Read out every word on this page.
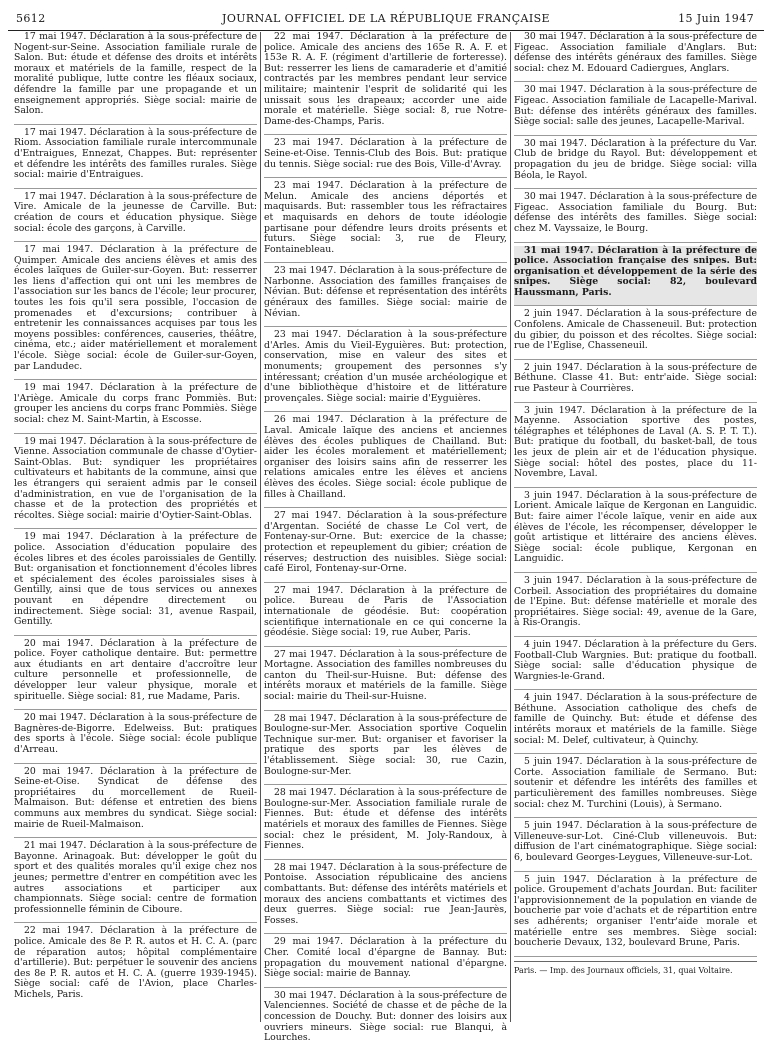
5612	JOURNAL OFFICIEL DE LA RÉPUBLIQUE FRANÇAISE	15 Juin 1947

17 mai 1947. Déclaration à la sous-préfecture de Nogent-sur-Seine. Association familiale rurale de Salon. But: étude et défense des droits et intérêts moraux et matériels de la famille, respect de la moralité publique, lutte contre les fléaux sociaux, défendre la famille par une propagande et un enseignement appropriés. Siège social: mairie de Salon.

17 mai 1947. Déclaration à la sous-préfecture de Riom. Association familiale rurale intercommunale d'Entraigues, Ennezat, Chappes. But: représenter et défendre les intérêts des familles rurales. Siège social: mairie d'Entraigues.

17 mai 1947. Déclaration à la sous-préfecture de Vire. Amicale de la jeunesse de Carville. But: création de cours et éducation physique. Siège social: école des garçons, à Carville.

17 mai 1947. Déclaration à la préfecture de Quimper. Amicale des anciens élèves et amis des écoles laïques de Guiler-sur-Goyen. But: resserrer les liens d'affection qui ont uni les membres de l'association sur les bancs de l'école; leur procurer, toutes les fois qu'il sera possible, l'occasion de promenades et d'excursions; contribuer à entretenir les connaissances acquises par tous les moyens possibles: conférences, causeries, théâtre, cinéma, etc.; aider matériellement et moralement l'école. Siège social: école de Guiler-sur-Goyen, par Landudec.

19 mai 1947. Déclaration à la préfecture de l'Ariège. Amicale du corps franc Pommiès. But: grouper les anciens du corps franc Pommiès. Siège social: chez M. Saint-Martin, à Escosse.

19 mai 1947. Déclaration à la sous-préfecture de Vienne. Association communale de chasse d'Oytier-Saint-Oblas. But: syndiquer les propriétaires cultivateurs et habitants de la commune, ainsi que les étrangers qui seraient admis par le conseil d'administration, en vue de l'organisation de la chasse et de la protection des propriétés et récoltes. Siège social: mairie d'Oytier-Saint-Oblas.

19 mai 1947. Déclaration à la préfecture de police. Association d'éducation populaire des écoles libres et des écoles paroissiales de Gentilly. But: organisation et fonctionnement d'écoles libres et spécialement des écoles paroissiales sises à Gentilly, ainsi que de tous services ou annexes pouvant en dépendre directement ou indirectement. Siège social: 31, avenue Raspail, Gentilly.

20 mai 1947. Déclaration à la préfecture de police. Foyer catholique dentaire. But: permettre aux étudiants en art dentaire d'accroître leur culture personnelle et professionnelle, de développer leur valeur physique, morale et spirituelle. Siège social: 81, rue Madame, Paris.

20 mai 1947. Déclaration à la sous-préfecture de Bagnères-de-Bigorre. Edelweiss. But: pratiques des sports à l'école. Siège social: école publique d'Arreau.

20 mai 1947. Déclaration à la préfecture de Seine-et-Oise. Syndicat de défense des propriétaires du morcellement de Rueil-Malmaison. But: défense et entretien des biens communs aux membres du syndicat. Siège social: mairie de Rueil-Malmaison.

21 mai 1947. Déclaration à la sous-préfecture de Bayonne. Arinagoak. But: développer le goût du sport et des qualités morales qu'il exige chez nos jeunes; permettre d'entrer en compétition avec les autres associations et participer aux championnats. Siège social: centre de formation professionnelle féminin de Ciboure.

22 mai 1947. Déclaration à la préfecture de police. Amicale des 8e P. R. autos et H. C. A. (parc de réparation autos; hôpital complémentaire d'artillerie). But: perpétuer le souvenir des anciens des 8e P. R. autos et H. C. A. (guerre 1939-1945). Siège social: café de l'Avion, place Charles-Michels, Paris.

22 mai 1947. Déclaration à la préfecture de police. Amicale des anciens des 165e R. A. F. et 153e R. A. F. (régiment d'artillerie de forteresse). But: resserrer les liens de camaraderie et d'amitié contractés par les membres pendant leur service militaire; maintenir l'esprit de solidarité qui les unissait sous les drapeaux; accorder une aide morale et matérielle. Siège social: 8, rue Notre-Dame-des-Champs, Paris.

23 mai 1947. Déclaration à la préfecture de Seine-et-Oise. Tennis-Club des Bois. But: pratique du tennis. Siège social: rue des Bois, Ville-d'Avray.

23 mai 1947. Déclaration à la préfecture de Melun. Amicale des anciens déportés et maquisards. But: rassembler tous les réfractaires et maquisards en dehors de toute idéologie partisane pour défendre leurs droits présents et futurs. Siège social: 3, rue de Fleury, Fontainebleau.

23 mai 1947. Déclaration à la sous-préfecture de Narbonne. Association des familles françaises de Névian. But: défense et représentation des intérêts généraux des familles. Siège social: mairie de Névian.

23 mai 1947. Déclaration à la sous-préfecture d'Arles. Amis du Vieil-Eyguières. But: protection, conservation, mise en valeur des sites et monuments; groupement des personnes s'y intéressant; création d'un musée archéologique et d'une bibliothèque d'histoire et de littérature provençales. Siège social: mairie d'Eyguières.

26 mai 1947. Déclaration à la préfecture de Laval. Amicale laïque des anciens et anciennes élèves des écoles publiques de Chailland. But: aider les écoles moralement et matériellement; organiser des loisirs sains afin de resserrer les relations amicales entre les élèves et anciens élèves des écoles. Siège social: école publique de filles à Chailland.

27 mai 1947. Déclaration à la sous-préfecture d'Argentan. Société de chasse Le Col vert, de Fontenay-sur-Orne. But: exercice de la chasse; protection et repeuplement du gibier; création de réserves; destruction des nuisibles. Siège social: café Eirol, Fontenay-sur-Orne.

27 mai 1947. Déclaration à la préfecture de police. Bureau de Paris de l'Association internationale de géodésie. But: coopération scientifique internationale en ce qui concerne la géodésie. Siège social: 19, rue Auber, Paris.

27 mai 1947. Déclaration à la sous-préfecture de Mortagne. Association des familles nombreuses du canton du Theil-sur-Huisne. But: défense des intérêts moraux et matériels de la famille. Siège social: mairie du Theil-sur-Huisne.

28 mai 1947. Déclaration à la sous-préfecture de Boulogne-sur-Mer. Association sportive Coquelin Technique sur-mer. But: organiser et favoriser la pratique des sports par les élèves de l'établissement. Siège social: 30, rue Cazin, Boulogne-sur-Mer.

28 mai 1947. Déclaration à la sous-préfecture de Boulogne-sur-Mer. Association familiale rurale de Fiennes. But: étude et défense des intérêts matériels et moraux des familles de Fiennes. Siège social: chez le président, M. Joly-Randoux, à Fiennes.

28 mai 1947. Déclaration à la sous-préfecture de Pontoise. Association républicaine des anciens combattants. But: défense des intérêts matériels et moraux des anciens combattants et victimes des deux guerres. Siège social: rue Jean-Jaurès, Fosses.

29 mai 1947. Déclaration à la préfecture du Cher. Comité local d'épargne de Bannay. But: propagation du mouvement national d'épargne. Siège social: mairie de Bannay.

30 mai 1947. Déclaration à la sous-préfecture de Valenciennes. Société de chasse et de pêche de la concession de Douchy. But: donner des loisirs aux ouvriers mineurs. Siège social: rue Blanqui, à Lourches.

30 mai 1947. Déclaration à la sous-préfecture de Figeac. Association familiale d'Anglars. But: défense des intérêts généraux des familles. Siège social: chez M. Edouard Cadiergues, Anglars.

30 mai 1947. Déclaration à la sous-préfecture de Figeac. Association familiale de Lacapelle-Marival. But: défense des intérêts généraux des familles. Siège social: salle des jeunes, Lacapelle-Marival.

30 mai 1947. Déclaration à la préfecture du Var. Club de bridge du Rayol. But: développement et propagation du jeu de bridge. Siège social: villa Béola, le Rayol.

30 mai 1947. Déclaration à la sous-préfecture de Figeac. Association familiale du Bourg. But: défense des intérêts des familles. Siège social: chez M. Vayssaize, le Bourg.

31 mai 1947. Déclaration à la préfecture de police. Association française des snipes. But: organisation et développement de la série des snipes. Siège social: 82, boulevard Haussmann, Paris.

2 juin 1947. Déclaration à la sous-préfecture de Confolens. Amicale de Chasseneuil. But: protection du gibier, du poisson et des récoltes. Siège social: rue de l'Eglise, Chasseneuil.

2 juin 1947. Déclaration à la sous-préfecture de Béthune. Classe 41. But: entr'aide. Siège social: rue Pasteur à Courrières.

3 juin 1947. Déclaration à la préfecture de la Mayenne. Association sportive des postes, télégraphes et téléphones de Laval (A. S. P. T. T.). But: pratique du football, du basket-ball, de tous les jeux de plein air et de l'éducation physique. Siège social: hôtel des postes, place du 11-Novembre, Laval.

3 juin 1947. Déclaration à la sous-préfecture de Lorient. Amicale laïque de Kergonan en Languidic. But: faire aimer l'école laïque, venir en aide aux élèves de l'école, les récompenser, développer le goût artistique et littéraire des anciens élèves. Siège social: école publique, Kergonan en Languidic.

3 juin 1947. Déclaration à la sous-préfecture de Corbeil. Association des propriétaires du domaine de l'Epine. But: défense matérielle et morale des propriétaires. Siège social: 49, avenue de la Gare, à Ris-Orangis.

4 juin 1947. Déclaration à la préfecture du Gers. Football-Club Wargnies. But: pratique du football. Siège social: salle d'éducation physique de Wargnies-le-Grand.

4 juin 1947. Déclaration à la sous-préfecture de Béthune. Association catholique des chefs de famille de Quinchy. But: étude et défense des intérêts moraux et matériels de la famille. Siège social: M. Delef, cultivateur, à Quinchy.

5 juin 1947. Déclaration à la sous-préfecture de Corte. Association familiale de Sermano. But: soutenir et défendre les intérêts des familles et particulièrement des familles nombreuses. Siège social: chez M. Turchini (Louis), à Sermano.

5 juin 1947. Déclaration à la sous-préfecture de Villeneuve-sur-Lot. Ciné-Club villeneuvois. But: diffusion de l'art cinématographique. Siège social: 6, boulevard Georges-Leygues, Villeneuve-sur-Lot.

5 juin 1947. Déclaration à la préfecture de police. Groupement d'achats Jourdan. But: faciliter l'approvisionnement de la population en viande de boucherie par voie d'achats et de répartition entre ses adhérents; organiser l'entr'aide morale et matérielle entre ses membres. Siège social: boucherie Devaux, 132, boulevard Brune, Paris.

Paris. — Imp. des Journaux officiels, 31, quai Voltaire.
